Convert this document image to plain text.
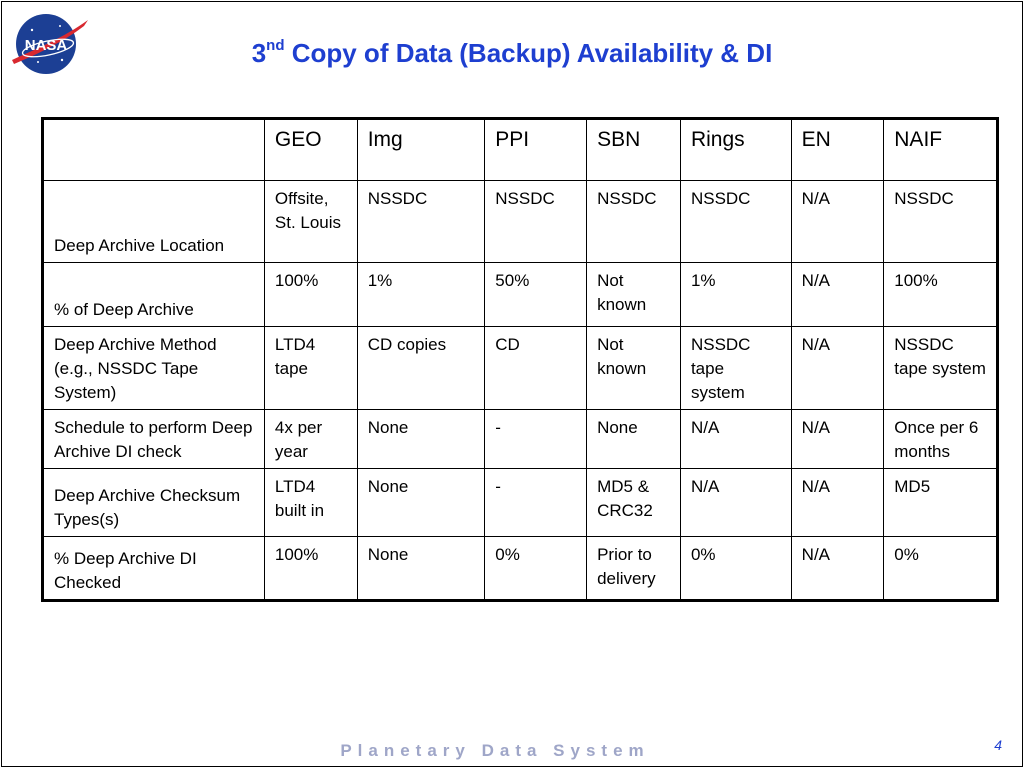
NASA	3nd Copy of Data (Backup) Availability & DI
	GEO	Img	PPI	SBN	Rings	EN	NAIF
Deep Archive Location	Offsite, St. Louis	NSSDC	NSSDC	NSSDC	NSSDC	N/A	NSSDC
% of Deep Archive	100%	1%	50%	Not known	1%	N/A	100%
Deep Archive Method (e.g., NSSDC Tape System)	LTD4 tape	CD copies	CD	Not known	NSSDC tape system	N/A	NSSDC tape system
Schedule to perform Deep Archive DI check	4x per year	None	-	None	N/A	N/A	Once per 6 months
Deep Archive Checksum Types(s)	LTD4 built in	None	-	MD5 & CRC32	N/A	N/A	MD5
% Deep Archive DI Checked	100%	None	0%	Prior to delivery	0%	N/A	0%
Planetary Data System	4
